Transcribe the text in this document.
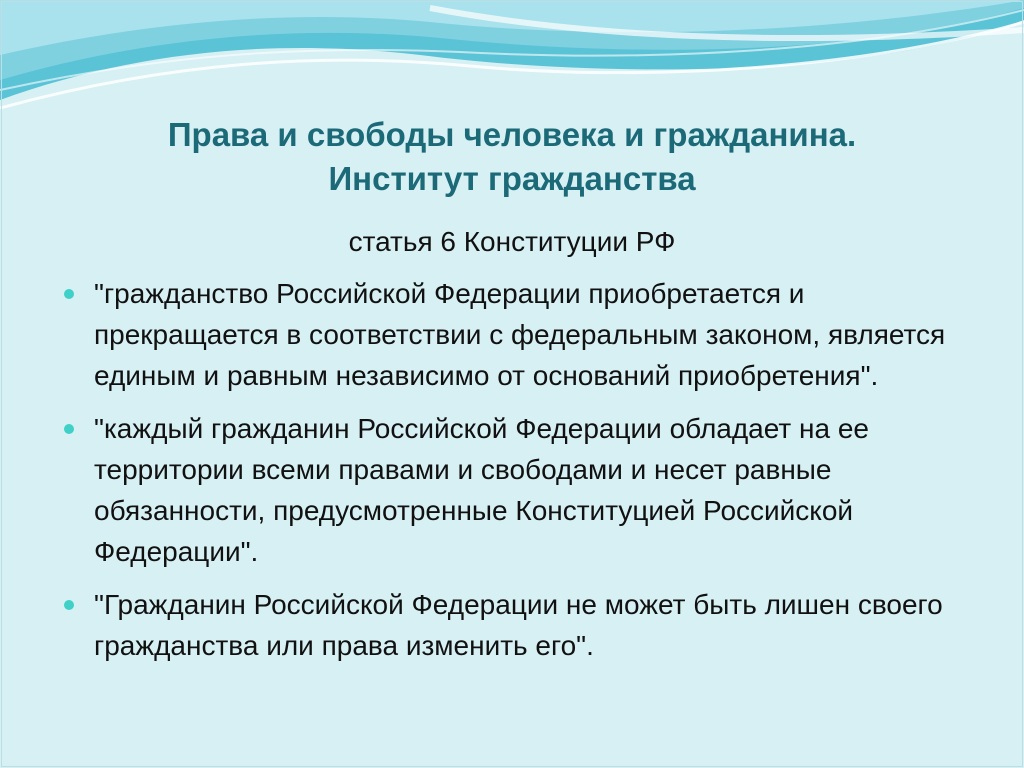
Права и свободы человека и гражданина.
Институт гражданства
статья 6 Конституции РФ
"гражданство Российской Федерации приобретается и прекращается в соответствии с федеральным законом, является единым и равным независимо от оснований приобретения".
"каждый гражданин Российской Федерации обладает на ее территории всеми правами и свободами и несет равные обязанности, предусмотренные Конституцией Российской Федерации".
"Гражданин Российской Федерации не может быть лишен своего гражданства или права изменить его".
